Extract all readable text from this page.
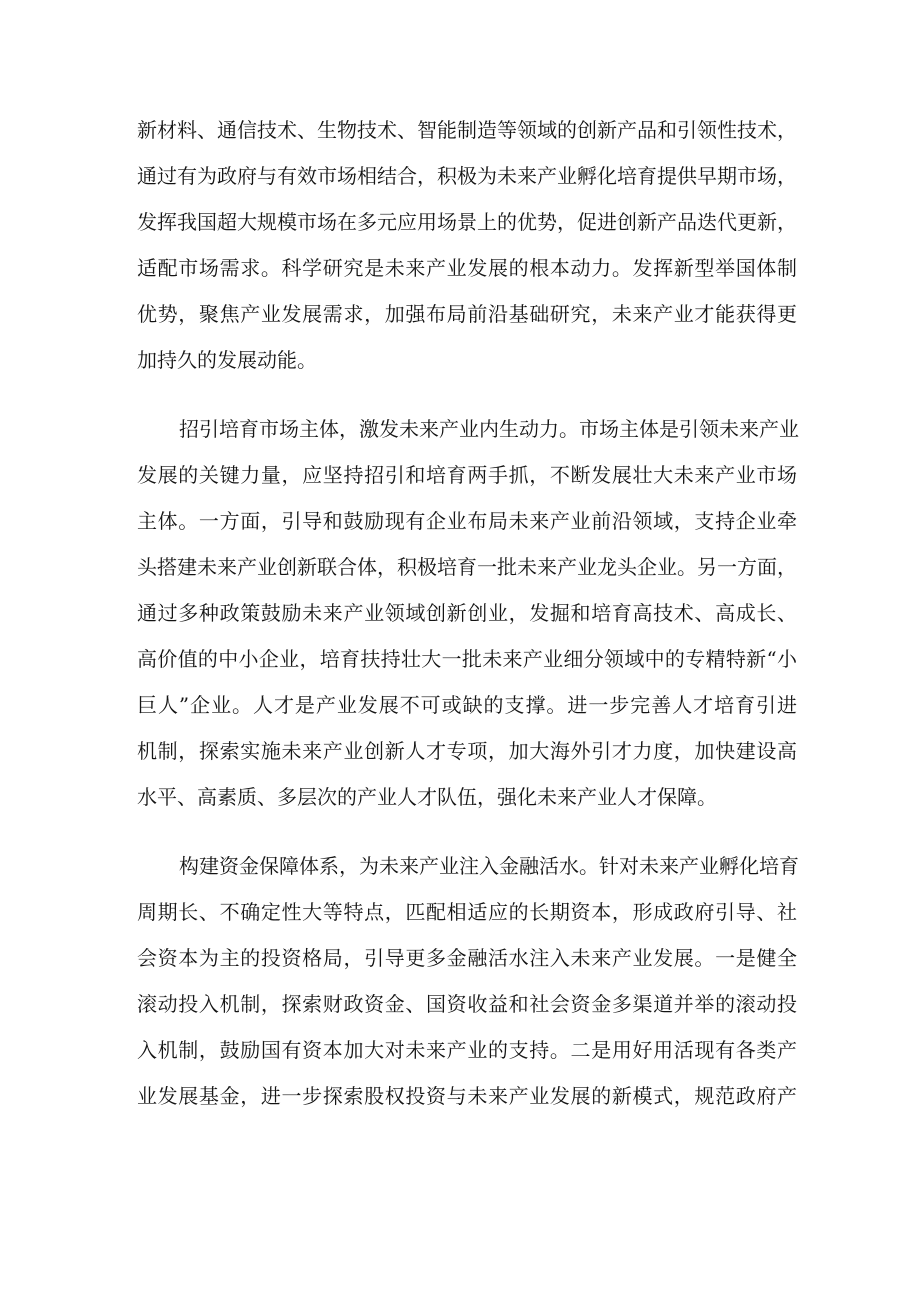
新材料、通信技术、生物技术、智能制造等领域的创新产品和引领性技术，
通过有为政府与有效市场相结合，积极为未来产业孵化培育提供早期市场，
发挥我国超大规模市场在多元应用场景上的优势，促进创新产品迭代更新，
适配市场需求。科学研究是未来产业发展的根本动力。发挥新型举国体制
优势，聚焦产业发展需求，加强布局前沿基础研究，未来产业才能获得更
加持久的发展动能。
招引培育市场主体，激发未来产业内生动力。市场主体是引领未来产业
发展的关键力量，应坚持招引和培育两手抓，不断发展壮大未来产业市场
主体。一方面，引导和鼓励现有企业布局未来产业前沿领域，支持企业牵
头搭建未来产业创新联合体，积极培育一批未来产业龙头企业。另一方面，
通过多种政策鼓励未来产业领域创新创业，发掘和培育高技术、高成长、
高价值的中小企业，培育扶持壮大一批未来产业细分领域中的专精特新“小
巨人”企业。人才是产业发展不可或缺的支撑。进一步完善人才培育引进
机制，探索实施未来产业创新人才专项，加大海外引才力度，加快建设高
水平、高素质、多层次的产业人才队伍，强化未来产业人才保障。
构建资金保障体系，为未来产业注入金融活水。针对未来产业孵化培育
周期长、不确定性大等特点，匹配相适应的长期资本，形成政府引导、社
会资本为主的投资格局，引导更多金融活水注入未来产业发展。一是健全
滚动投入机制，探索财政资金、国资收益和社会资金多渠道并举的滚动投
入机制，鼓励国有资本加大对未来产业的支持。二是用好用活现有各类产
业发展基金，进一步探索股权投资与未来产业发展的新模式，规范政府产
